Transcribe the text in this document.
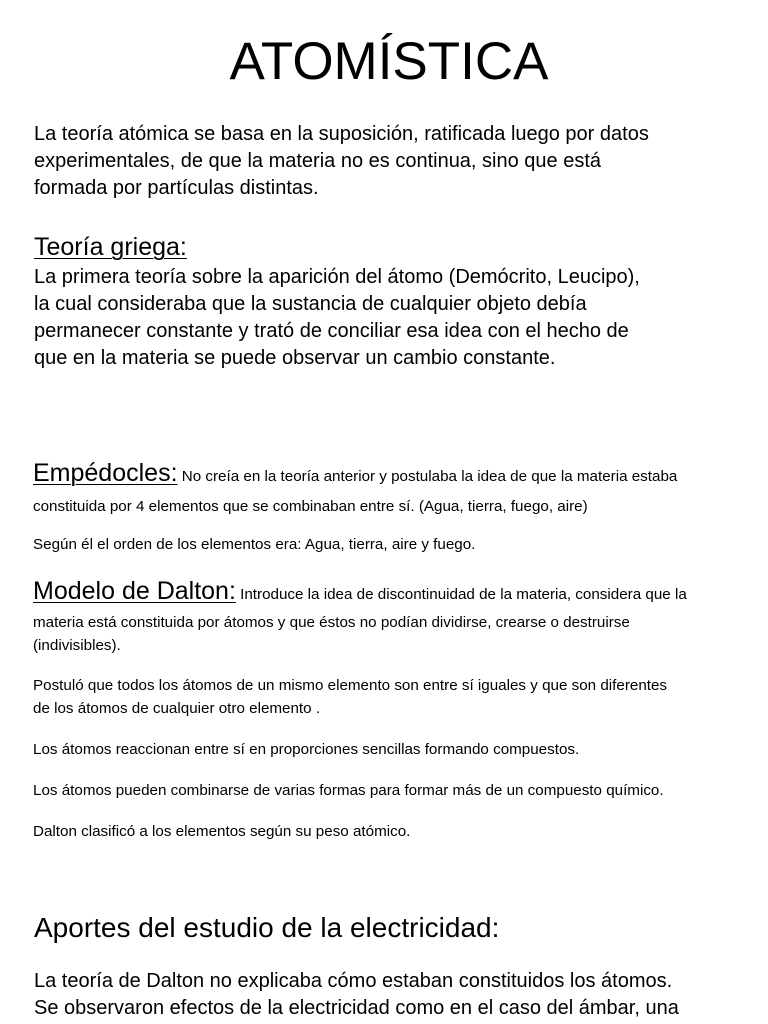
ATOMÍSTICA

La teoría atómica se basa en la suposición, ratificada luego por datos
experimentales, de que la materia no es continua, sino que está
formada por partículas distintas.

Teoría griega:

La primera teoría sobre la aparición del átomo (Demócrito, Leucipo),
la cual consideraba que la sustancia de cualquier objeto debía
permanecer constante y trató de conciliar esa idea con el hecho de
que en la materia se puede observar un cambio constante.

Empédocles: No creía en la teoría anterior y postulaba la idea de que la materia estaba
constituida por 4 elementos que se combinaban entre sí. (Agua, tierra, fuego, aire)

Según él el orden de los elementos era: Agua, tierra, aire y fuego.

Modelo de Dalton: Introduce la idea de discontinuidad de la materia, considera que la
materia está constituida por átomos y que éstos no podían dividirse, crearse o destruirse
(indivisibles).

Postuló que todos los átomos de un mismo elemento son entre sí iguales y que son diferentes
de los átomos de cualquier otro elemento .

Los átomos reaccionan entre sí en proporciones sencillas formando compuestos.

Los átomos pueden combinarse de varias formas para formar más de un compuesto químico.

Dalton clasificó a los elementos según su peso atómico.

Aportes del estudio de la electricidad:

La teoría de Dalton no explicaba cómo estaban constituidos los átomos.
Se observaron efectos de la electricidad como en el caso del ámbar, una
